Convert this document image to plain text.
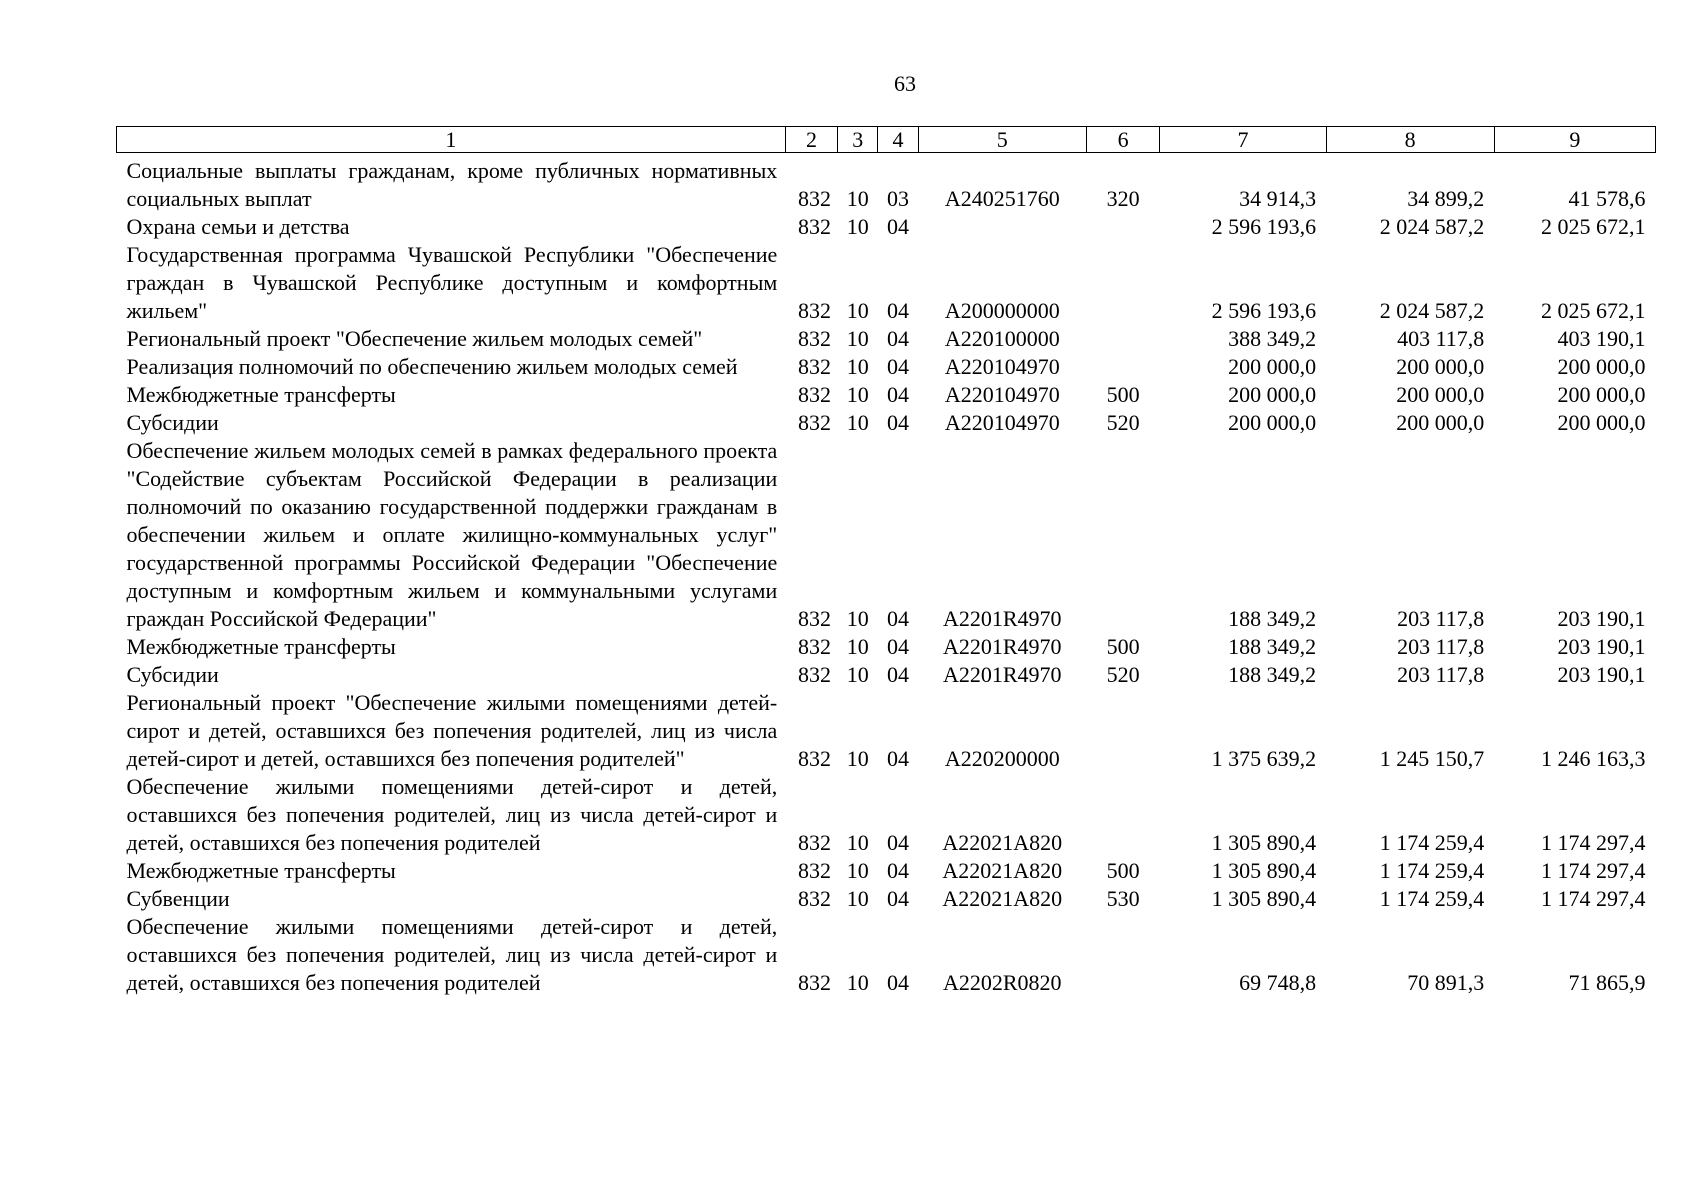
63
1	2	3	4	5	6	7	8	9
Социальные выплаты гражданам, кроме публичных нормативных социальных выплат	832	10	03	А240251760	320	34 914,3	34 899,2	41 578,6
Охрана семьи и детства	832	10	04			2 596 193,6	2 024 587,2	2 025 672,1
Государственная программа Чувашской Республики "Обеспечение граждан в Чувашской Республике доступным и комфортным жильем"	832	10	04	А200000000		2 596 193,6	2 024 587,2	2 025 672,1
Региональный проект "Обеспечение жильем молодых семей"	832	10	04	А220100000		388 349,2	403 117,8	403 190,1
Реализация полномочий по обеспечению жильем молодых семей	832	10	04	А220104970		200 000,0	200 000,0	200 000,0
Межбюджетные трансферты	832	10	04	А220104970	500	200 000,0	200 000,0	200 000,0
Субсидии	832	10	04	А220104970	520	200 000,0	200 000,0	200 000,0
Обеспечение жильем молодых семей в рамках федерального проекта "Содействие субъектам Российской Федерации в реализации полномочий по оказанию государственной поддержки гражданам в обеспечении жильем и оплате жилищно-коммунальных услуг" государственной программы Российской Федерации "Обеспечение доступным и комфортным жильем и коммунальными услугами граждан Российской Федерации"	832	10	04	А2201R4970		188 349,2	203 117,8	203 190,1
Межбюджетные трансферты	832	10	04	А2201R4970	500	188 349,2	203 117,8	203 190,1
Субсидии	832	10	04	А2201R4970	520	188 349,2	203 117,8	203 190,1
Региональный проект "Обеспечение жилыми помещениями детей-сирот и детей, оставшихся без попечения родителей, лиц из числа детей-сирот и детей, оставшихся без попечения родителей"	832	10	04	А220200000		1 375 639,2	1 245 150,7	1 246 163,3
Обеспечение жилыми помещениями детей-сирот и детей, оставшихся без попечения родителей, лиц из числа детей-сирот и детей, оставшихся без попечения родителей	832	10	04	А22021А820		1 305 890,4	1 174 259,4	1 174 297,4
Межбюджетные трансферты	832	10	04	А22021А820	500	1 305 890,4	1 174 259,4	1 174 297,4
Субвенции	832	10	04	А22021А820	530	1 305 890,4	1 174 259,4	1 174 297,4
Обеспечение жилыми помещениями детей-сирот и детей, оставшихся без попечения родителей, лиц из числа детей-сирот и детей, оставшихся без попечения родителей	832	10	04	А2202R0820		69 748,8	70 891,3	71 865,9
